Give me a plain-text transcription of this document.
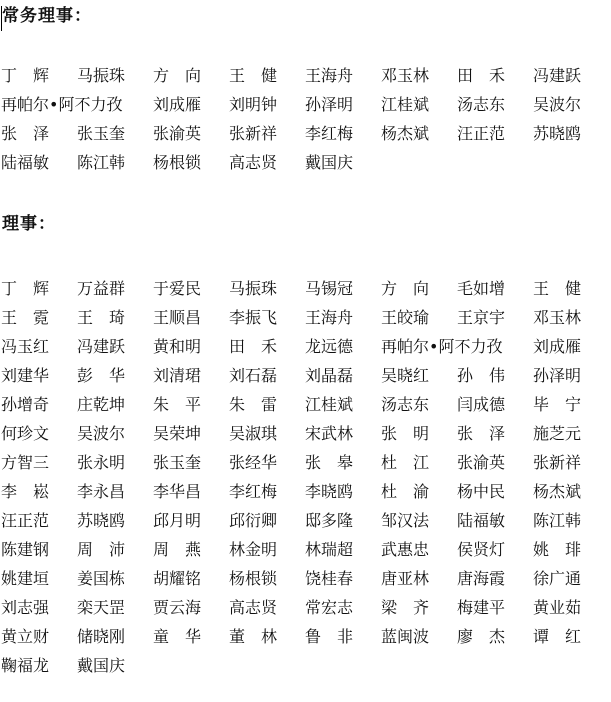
常务理事：
丁　辉	马振珠	方　向	王　健	王海舟	邓玉林	田　禾	冯建跃
再帕尔•阿不力孜	刘成雁	刘明钟	孙泽明	江桂斌	汤志东	吴波尔
张　泽	张玉奎	张渝英	张新祥	李红梅	杨杰斌	汪正范	苏晓鸥
陆福敏	陈江韩	杨根锁	高志贤	戴国庆
理事：
丁　辉	万益群	于爱民	马振珠	马锡冠	方　向	毛如增	王　健
王　霓	王　琦	王顺昌	李振飞	王海舟	王皎瑜	王京宇	邓玉林
冯玉红	冯建跃	黄和明	田　禾	龙远德	再帕尔•阿不力孜	刘成雁
刘建华	彭　华	刘清珺	刘石磊	刘晶磊	吴晓红	孙　伟	孙泽明
孙增奇	庄乾坤	朱　平	朱　雷	江桂斌	汤志东	闫成德	毕　宁
何珍文	吴波尔	吴荣坤	吴淑琪	宋武林	张　明	张　泽	施芝元
方智三	张永明	张玉奎	张经华	张　皋	杜　江	张渝英	张新祥
李　崧	李永昌	李华昌	李红梅	李晓鸥	杜　渝	杨中民	杨杰斌
汪正范	苏晓鸥	邱月明	邱衍卿	邸多隆	邹汉法	陆福敏	陈江韩
陈建钢	周　沛	周　燕	林金明	林瑞超	武惠忠	侯贤灯	姚　琲
姚建垣	姜国栋	胡耀铭	杨根锁	饶桂春	唐亚林	唐海霞	徐广通
刘志强	栾天罡	贾云海	高志贤	常宏志	梁　齐	梅建平	黄业茹
黄立财	储晓刚	童　华	董　林	鲁　非	蓝闽波	廖　杰	谭　红
鞠福龙	戴国庆
